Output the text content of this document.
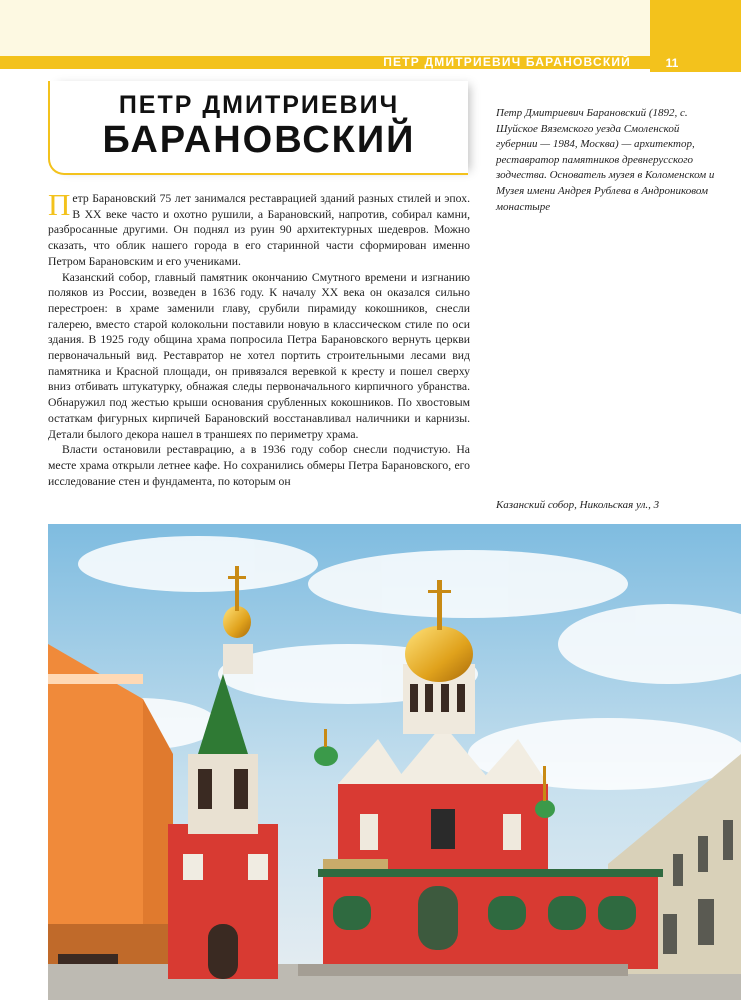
ПЕТР ДМИТРИЕВИЧ БАРАНОВСКИЙ	11
ПЕТР ДМИТРИЕВИЧ
БАРАНОВСКИЙ

Петр Дмитриевич Барановский (1892, с. Шуйское Вяземского уезда Смоленской губернии — 1984, Москва) — архитектор, реставратор памятников древнерусского зодчества. Основатель музея в Коломенском и Музея имени Андрея Рублева в Андрониковом монастыре

Петр Барановский 75 лет занимался реставрацией зданий разных стилей и эпох. В XX веке часто и охотно рушили, а Барановский, напротив, собирал камни, разбросанные другими. Он поднял из руин 90 архитектурных шедевров. Можно сказать, что облик нашего города в его старинной части сформирован именно Петром Барановским и его учениками.

Казанский собор, главный памятник окончанию Смутного времени и изгнанию поляков из России, возведен в 1636 году. К началу XX века он оказался сильно перестроен: в храме заменили главу, срубили пирамиду кокошников, снесли галерею, вместо старой колокольни поставили новую в классическом стиле по оси здания. В 1925 году община храма попросила Петра Барановского вернуть церкви первоначальный вид. Реставратор не хотел портить строительными лесами вид памятника и Красной площади, он привязался веревкой к кресту и пошел сверху вниз отбивать штукатурку, обнажая следы первоначального кирпичного убранства. Обнаружил под жестью крыши основания срубленных кокошников. По хвостовым остаткам фигурных кирпичей Барановский восстанавливал наличники и карнизы. Детали былого декора нашел в траншеях по периметру храма.

Власти остановили реставрацию, а в 1936 году собор снесли подчистую. На месте храма открыли летнее кафе. Но сохранились обмеры Петра Барановского, его исследование стен и фундамента, по которым он

Казанский собор, Никольская ул., 3
